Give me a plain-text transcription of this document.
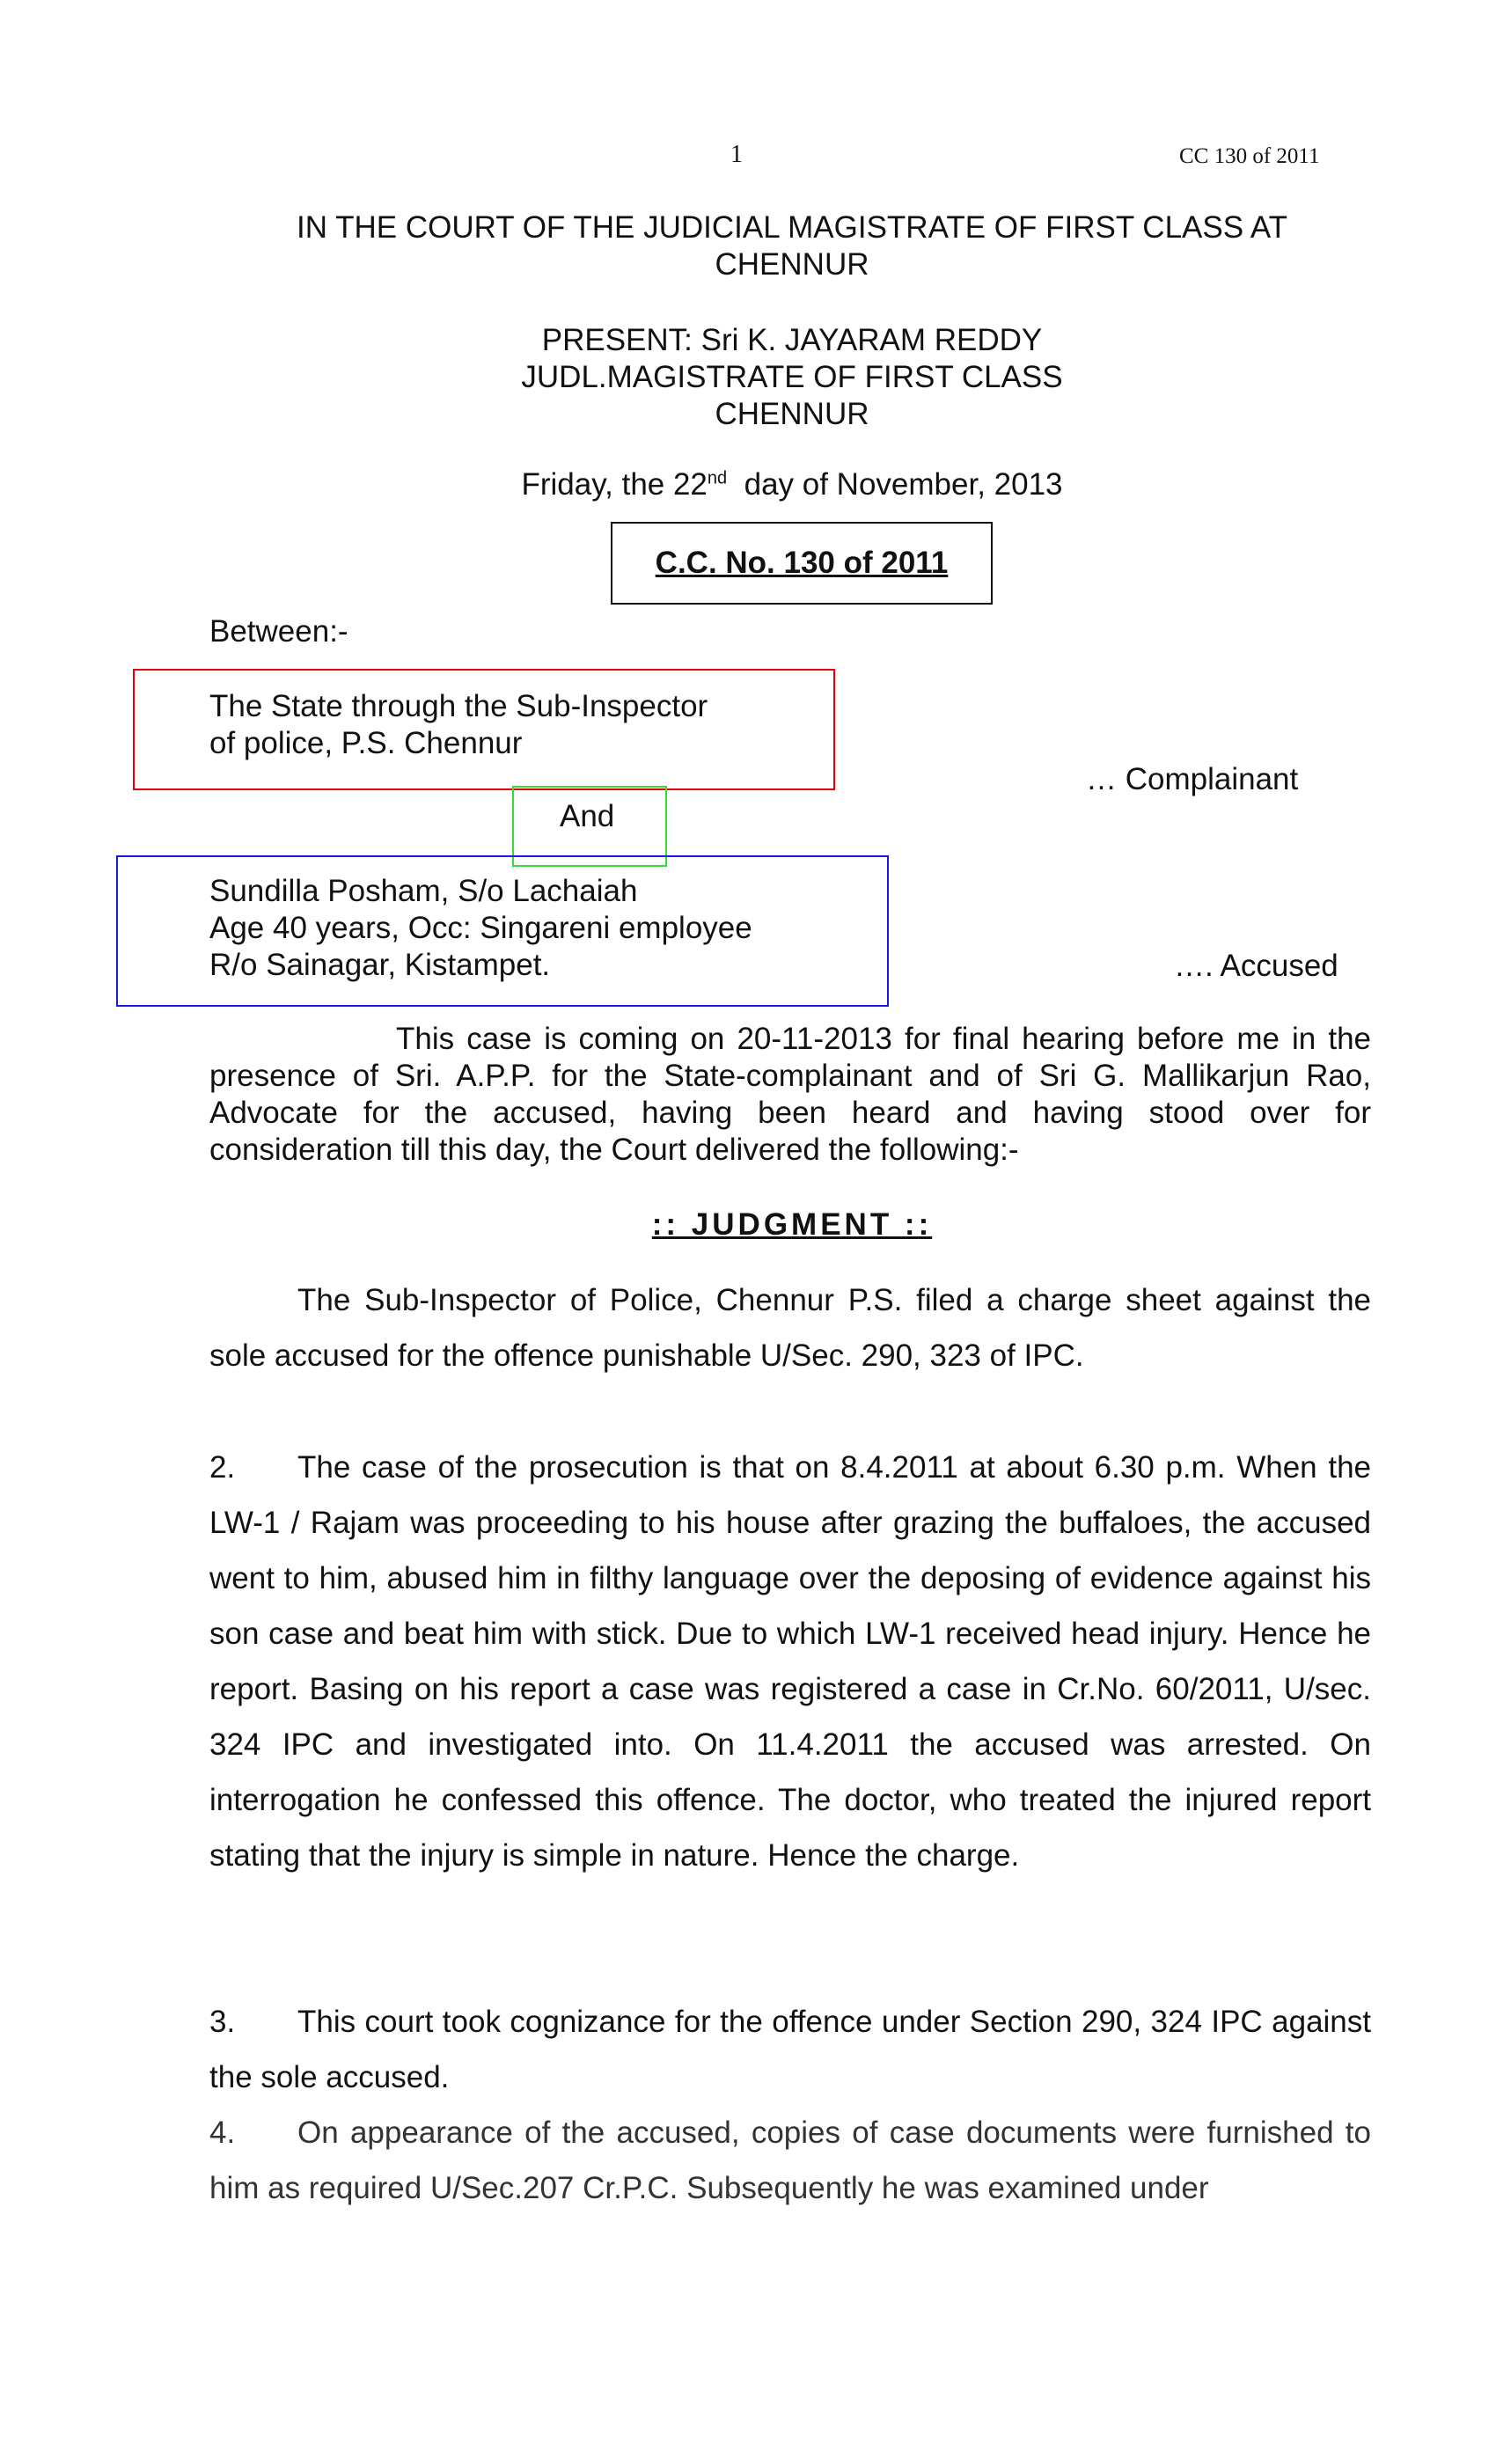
1	CC 130 of 2011
IN THE COURT OF THE JUDICIAL MAGISTRATE OF FIRST CLASS AT
CHENNUR
PRESENT: Sri K. JAYARAM REDDY
JUDL.MAGISTRATE OF FIRST CLASS
CHENNUR
Friday, the 22nd  day of November, 2013
C.C. No. 130 of 2011
Between:-
The State through the Sub-Inspector
of police, P.S. Chennur
… Complainant
And
Sundilla Posham, S/o Lachaiah
Age 40 years, Occ: Singareni employee
R/o Sainagar, Kistampet.	…. Accused
This case is coming on 20-11-2013 for final hearing before me in the presence of Sri. A.P.P. for the State-complainant and of Sri G. Mallikarjun Rao, Advocate for the accused, having been heard and having stood over for consideration till this day, the Court delivered the following:-
:: JUDGMENT ::
The Sub-Inspector of Police, Chennur P.S. filed a charge sheet against the sole accused for the offence punishable U/Sec. 290, 323 of IPC.
2. The case of the prosecution is that on 8.4.2011 at about 6.30 p.m. When the LW-1 / Rajam was proceeding to his house after grazing the buffaloes, the accused went to him, abused him in filthy language over the deposing of evidence against his son case and beat him with stick. Due to which LW-1 received head injury. Hence he report. Basing on his report a case was registered a case in Cr.No. 60/2011, U/sec. 324 IPC and investigated into. On 11.4.2011 the accused was arrested. On interrogation he confessed this offence. The doctor, who treated the injured report stating that the injury is simple in nature. Hence the charge.
3. This court took cognizance for the offence under Section 290, 324 IPC against the sole accused.
4. On appearance of the accused, copies of case documents were furnished to him as required U/Sec.207 Cr.P.C. Subsequently he was examined under
